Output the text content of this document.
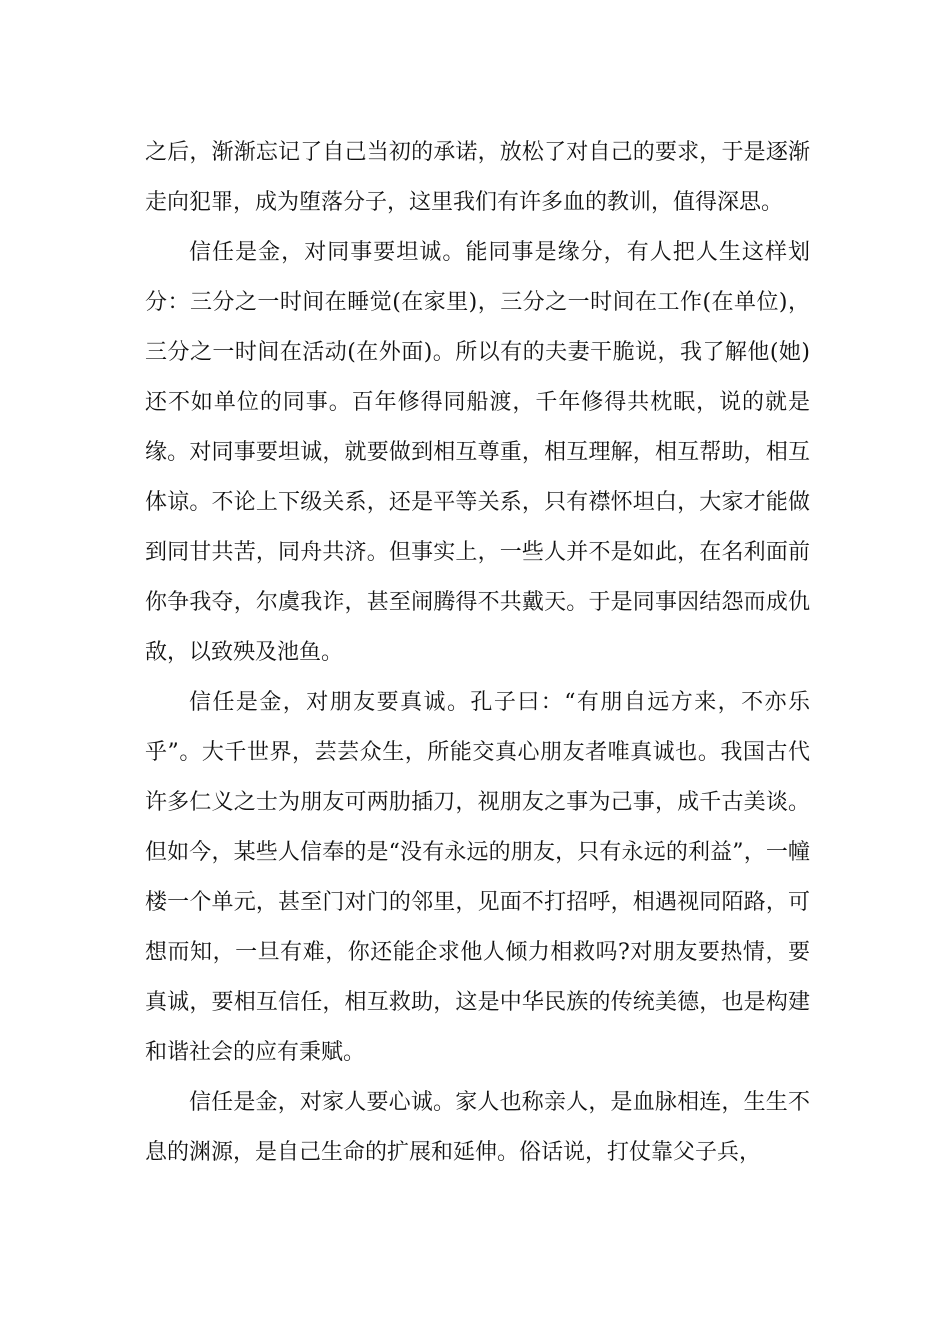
之后，渐渐忘记了自己当初的承诺，放松了对自己的要求，于是逐渐走向犯罪，成为堕落分子，这里我们有许多血的教训，值得深思。

信任是金，对同事要坦诚。能同事是缘分，有人把人生这样划分：三分之一时间在睡觉(在家里)，三分之一时间在工作(在单位)，三分之一时间在活动(在外面)。所以有的夫妻干脆说，我了解他(她)还不如单位的同事。百年修得同船渡，千年修得共枕眠，说的就是缘。对同事要坦诚，就要做到相互尊重，相互理解，相互帮助，相互体谅。不论上下级关系，还是平等关系，只有襟怀坦白，大家才能做到同甘共苦，同舟共济。但事实上，一些人并不是如此，在名利面前你争我夺，尔虞我诈，甚至闹腾得不共戴天。于是同事因结怨而成仇敌，以致殃及池鱼。

信任是金，对朋友要真诚。孔子曰：“有朋自远方来，不亦乐乎”。大千世界，芸芸众生，所能交真心朋友者唯真诚也。我国古代许多仁义之士为朋友可两肋插刀，视朋友之事为己事，成千古美谈。但如今，某些人信奉的是“没有永远的朋友，只有永远的利益”，一幢楼一个单元，甚至门对门的邻里，见面不打招呼，相遇视同陌路，可想而知，一旦有难，你还能企求他人倾力相救吗?对朋友要热情，要真诚，要相互信任，相互救助，这是中华民族的传统美德，也是构建和谐社会的应有秉赋。

信任是金，对家人要心诚。家人也称亲人，是血脉相连，生生不息的渊源，是自己生命的扩展和延伸。俗话说，打仗靠父子兵，
